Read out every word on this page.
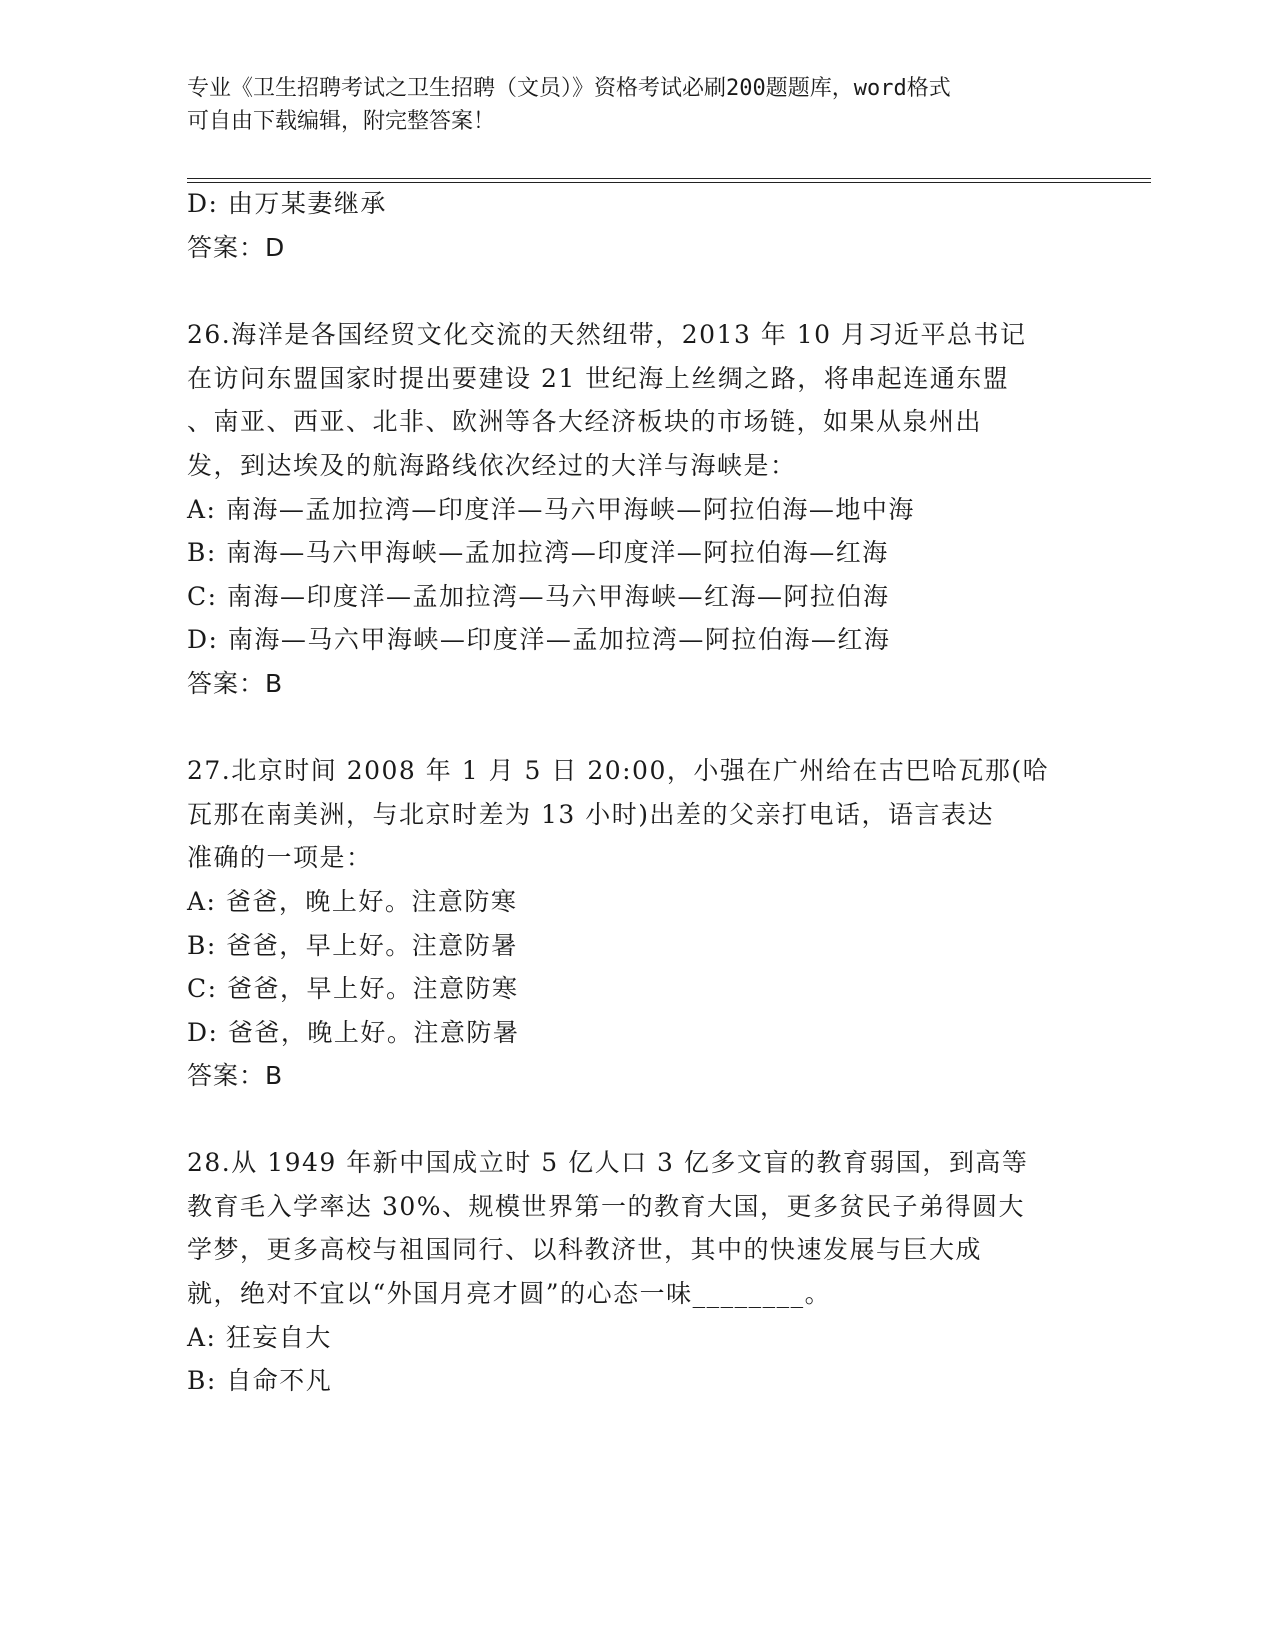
专业《卫生招聘考试之卫生招聘（文员）》资格考试必刷200题题库，word格式
可自由下载编辑，附完整答案！
D: 由万某妻继承
答案：D
26.海洋是各国经贸文化交流的天然纽带，2013 年 10 月习近平总书记
在访问东盟国家时提出要建设 21 世纪海上丝绸之路，将串起连通东盟
、南亚、西亚、北非、欧洲等各大经济板块的市场链，如果从泉州出
发，到达埃及的航海路线依次经过的大洋与海峡是：
A: 南海—孟加拉湾—印度洋—马六甲海峡—阿拉伯海—地中海
B: 南海—马六甲海峡—孟加拉湾—印度洋—阿拉伯海—红海
C: 南海—印度洋—孟加拉湾—马六甲海峡—红海—阿拉伯海
D: 南海—马六甲海峡—印度洋—孟加拉湾—阿拉伯海—红海
答案：B
27.北京时间 2008 年 1 月 5 日 20:00，小强在广州给在古巴哈瓦那(哈
瓦那在南美洲，与北京时差为 13 小时)出差的父亲打电话，语言表达
准确的一项是：
A: 爸爸，晚上好。注意防寒
B: 爸爸，早上好。注意防暑
C: 爸爸，早上好。注意防寒
D: 爸爸，晚上好。注意防暑
答案：B
28.从 1949 年新中国成立时 5 亿人口 3 亿多文盲的教育弱国，到高等
教育毛入学率达 30%、规模世界第一的教育大国，更多贫民子弟得圆大
学梦，更多高校与祖国同行、以科教济世，其中的快速发展与巨大成
就，绝对不宜以“外国月亮才圆”的心态一味________。
A: 狂妄自大
B: 自命不凡
